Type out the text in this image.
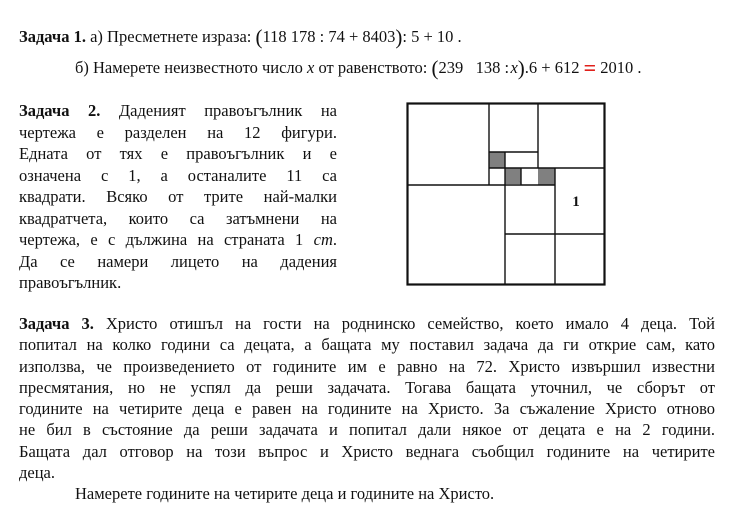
Задача 1. а) Пресметнете израза: (118 178 : 74 + 8403): 5 + 10 .
б) Намерете неизвестното число x от равенството: (239   138 : x).6 + 612 = 2010 .
Задача 2. Даденият правоъгълник на
чертежа е разделен на 12 фигури.
Едната от тях е правоъгълник и е
означена с 1, а останалите 11 са
квадрати. Всяко от трите най-малки
квадратчета, които са затъмнени на
чертежа, е с дължина на страната 1 cm.
Да се намери лицето на дадения
правоъгълник.
1
Задача 3. Христо отишъл на гости на роднинско семейство, което имало 4 деца. Той
попитал на колко години са децата, а бащата му поставил задача да ги открие сам, като
използва, че произведението от годините им е равно на 72. Христо извършил известни
пресмятания, но не успял да реши задачата. Тогава бащата уточнил, че сборът от
годините на четирите деца е равен на годините на Христо. За съжаление Христо отново
не бил в състояние да реши задачата и попитал дали някое от децата е на 2 години.
Бащата дал отговор на този въпрос и Христо веднага съобщил годините на четирите
деца.
Намерете годините на четирите деца и годините на Христо.
